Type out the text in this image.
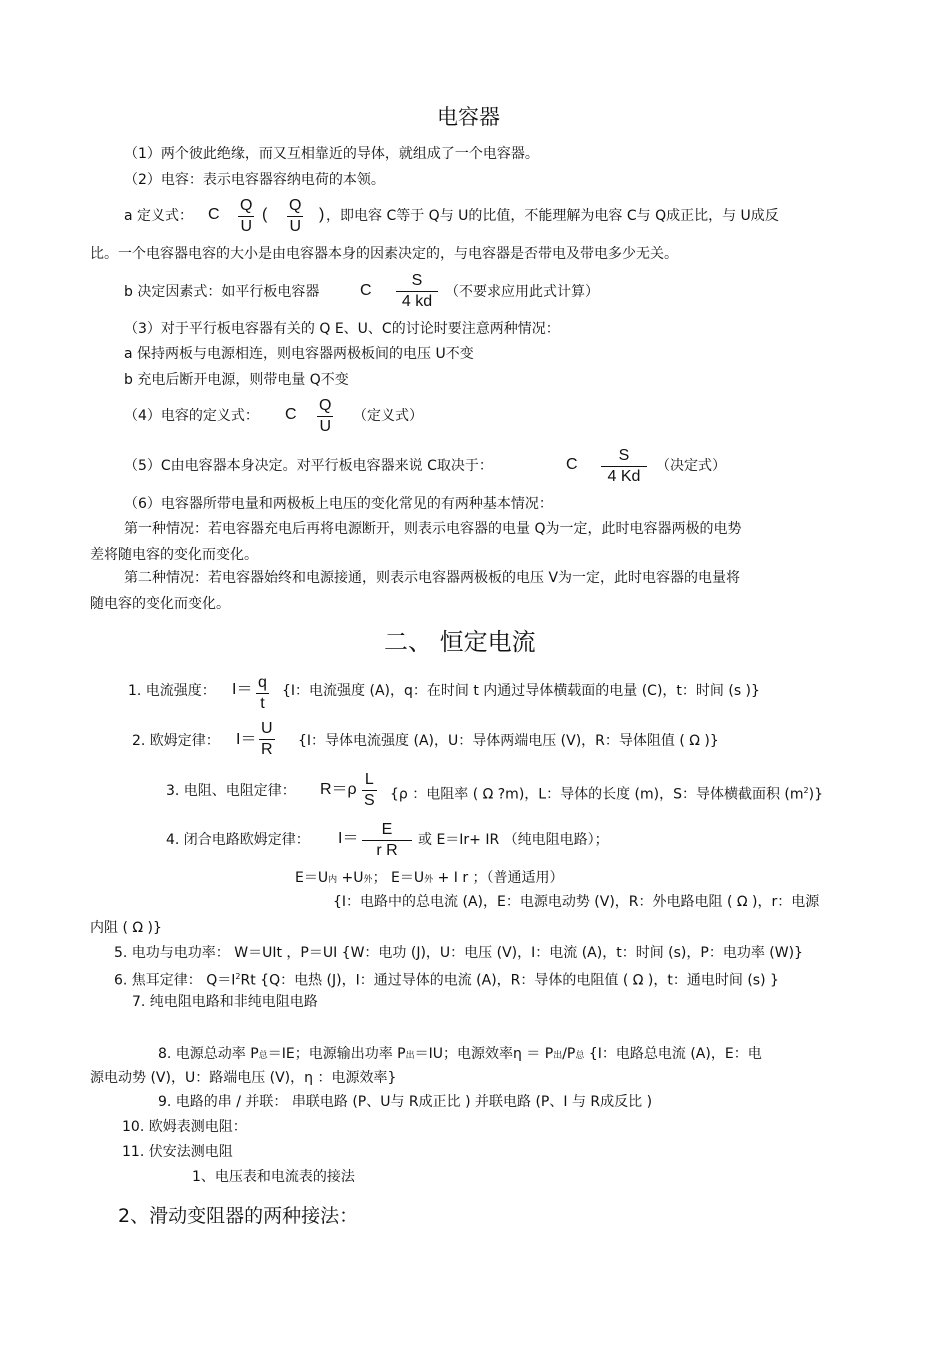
电容器
（1）两个彼此绝缘，而又互相靠近的导体，就组成了一个电容器。
（2）电容：表示电容器容纳电荷的本领。
a 定义式： C $\frac{Q}{U}$ ( $\frac{Q}{U}$ ) ，即电容 C等于 Q与 U的比值，不能理解为电容 C与 Q成正比，与 U成反
比。一个电容器电容的大小是由电容器本身的因素决定的，与电容器是否带电及带电多少无关。
b 决定因素式：如平行板电容器	C $\frac{S}{4 kd}$ （不要求应用此式计算）
（3）对于平行板电容器有关的 Q E、U、C的讨论时要注意两种情况：
a 保持两板与电源相连，则电容器两极板间的电压 U不变
b 充电后断开电源，则带电量 Q不变
（4）电容的定义式： C $\frac{Q}{U}$ （定义式）
（5）C由电容器本身决定。对平行板电容器来说 C取决于：	C $\frac{S}{4 Kd}$ （决定式）
（6）电容器所带电量和两极板上电压的变化常见的有两种基本情况：
第一种情况：若电容器充电后再将电源断开，则表示电容器的电量 Q为一定，此时电容器两极的电势
差将随电容的变化而变化。
第二种情况：若电容器始终和电源接通，则表示电容器两极板的电压 V为一定，此时电容器的电量将
随电容的变化而变化。
二、 恒定电流
1. 电流强度： $I= \frac{q}{t} \{I$：电流强度 (A)，q：在时间 t 内通过导体横载面的电量 (C)，t：时间 (s )}
2. 欧姆定律： $I= \frac{U}{R} \{I$：导体电流强度 (A)，U：导体两端电压 (V)，R：导体阻值 ( Ω )}
3. 电阻、电阻定律： $R=\rho \frac{L}{S} \{\rho$ ：电阻率 ( Ω ?m)，L：导体的长度 (m)，S：导体横截面积 $(m^2)$}
4. 闭合电路欧姆定律： $I= \frac{E}{\text{r R}}$ 或 E＝Ir+ IR （纯电阻电路）；
E＝U内 +U外； E＝U外 + I r ；（普通适用）
{I：电路中的总电流 (A)，E：电源电动势 (V)，R：外电路电阻 ( Ω )，r：电源
内阻 ( Ω )}
5. 电功与电功率： W＝UIt ，P＝UI {W：电功 (J)，U：电压 (V)，I：电流 (A)，t：时间 (s)，P：电功率 (W)}
6. 焦耳定律： $Q=I^2Rt$ {Q：电热 (J)，I：通过导体的电流 (A)，R：导体的电阻值 ( Ω )，t：通电时间 (s) }
7. 纯电阻电路和非纯电阻电路
8. 电源总动率 P总＝IE；电源输出功率 P出＝IU；电源效率η ＝ P出/P总 {I：电路总电流 (A)，E：电
源电动势 (V)，U：路端电压 (V)，η ：电源效率}
9. 电路的串 / 并联： 串联电路 (P、U与 R成正比 ) 并联电路 (P、I 与 R成反比 )
10. 欧姆表测电阻：
11. 伏安法测电阻
1、电压表和电流表的接法
2、滑动变阻器的两种接法：
